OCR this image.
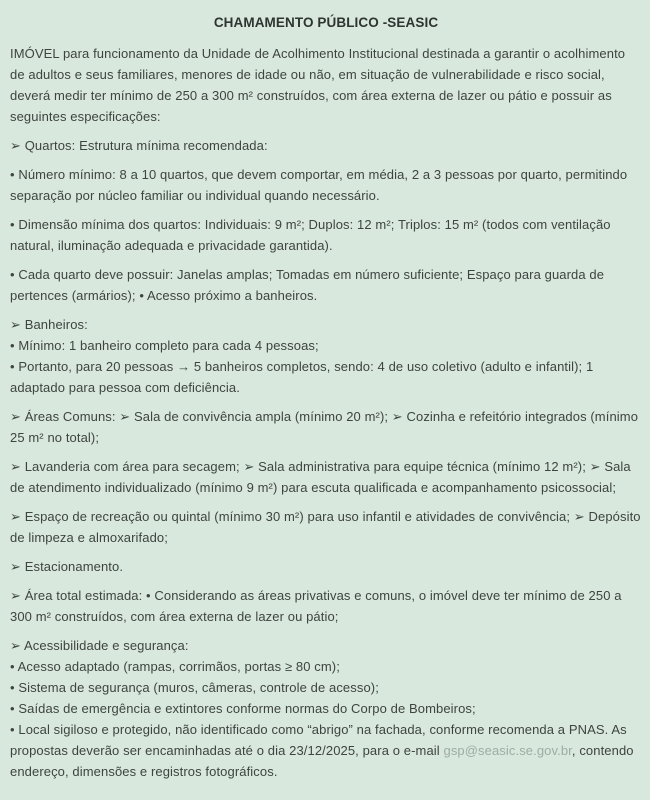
CHAMAMENTO PÚBLICO -SEASIC

IMÓVEL para funcionamento da Unidade de Acolhimento Institucional destinada a garantir o acolhimento de adultos e seus familiares, menores de idade ou não, em situação de vulnerabilidade e risco social, deverá medir ter mínimo de 250 a 300 m² construídos, com área externa de lazer ou pátio e possuir as seguintes especificações:

➢ Quartos: Estrutura mínima recomendada:

• Número mínimo: 8 a 10 quartos, que devem comportar, em média, 2 a 3 pessoas por quarto, permitindo separação por núcleo familiar ou individual quando necessário.

• Dimensão mínima dos quartos: Individuais: 9 m²; Duplos: 12 m²; Triplos: 15 m² (todos com ventilação natural, iluminação adequada e privacidade garantida).

• Cada quarto deve possuir: Janelas amplas; Tomadas em número suficiente; Espaço para guarda de pertences (armários); • Acesso próximo a banheiros.

➢ Banheiros:
• Mínimo: 1 banheiro completo para cada 4 pessoas;
• Portanto, para 20 pessoas → 5 banheiros completos, sendo: 4 de uso coletivo (adulto e infantil); 1 adaptado para pessoa com deficiência.

➢ Áreas Comuns: ➢ Sala de convivência ampla (mínimo 20 m²); ➢ Cozinha e refeitório integrados (mínimo 25 m² no total);

➢ Lavanderia com área para secagem; ➢ Sala administrativa para equipe técnica (mínimo 12 m²); ➢ Sala de atendimento individualizado (mínimo 9 m²) para escuta qualificada e acompanhamento psicossocial;

➢ Espaço de recreação ou quintal (mínimo 30 m²) para uso infantil e atividades de convivência; ➢ Depósito de limpeza e almoxarifado;

➢ Estacionamento.

➢ Área total estimada: • Considerando as áreas privativas e comuns, o imóvel deve ter mínimo de 250 a 300 m² construídos, com área externa de lazer ou pátio;

➢ Acessibilidade e segurança:
• Acesso adaptado (rampas, corrimãos, portas ≥ 80 cm);
• Sistema de segurança (muros, câmeras, controle de acesso);
• Saídas de emergência e extintores conforme normas do Corpo de Bombeiros;
• Local sigiloso e protegido, não identificado como “abrigo” na fachada, conforme recomenda a PNAS. As propostas deverão ser encaminhadas até o dia 23/12/2025, para o e-mail gsp@seasic.se.gov.br, contendo endereço, dimensões e registros fotográficos.
